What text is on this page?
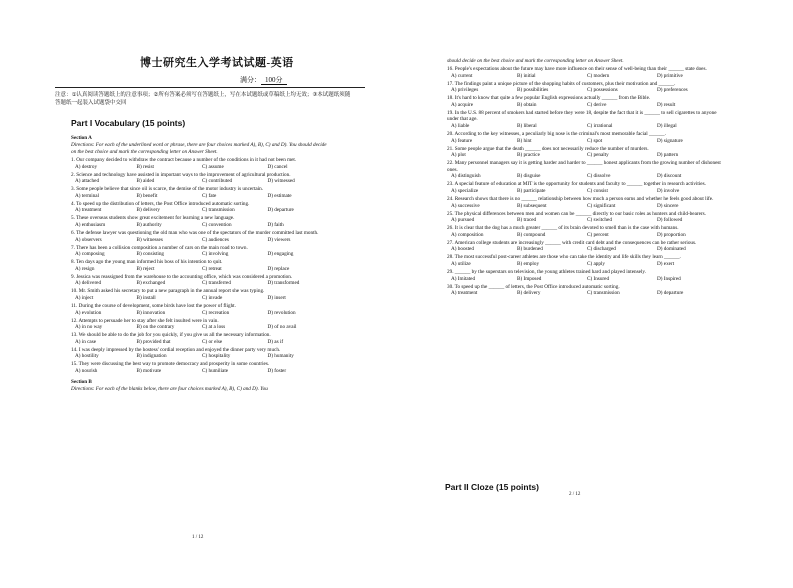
博士研究生入学考试试题-英语
满分： 100分
注意：①认真阅读答题纸上的注意事项；②所有答案必须写在答题纸上，写在本试题纸或草稿纸上均无效；③本试题纸须随答题纸一起装入试题袋中交回
Part I Vocabulary (15 points)
Section A
Directions: For each of the underlined word or phrase, there are four choices marked A), B), C) and D). You should decide on the best choice and mark the corresponding letter on Answer Sheet.
1. Our company decided to withdraw the contract because a number of the conditions in it had not been met.
A) destroy	B) resist	C) assume	D) cancel
2. Science and technology have assisted in important ways to the improvement of agricultural production.
A) attached	B) aided	C) contributed	D) witnessed
3. Some people believe that since oil is scarce, the demise of the motor industry is uncertain.
A) terminal	B) benefit	C) fate	D) estimate
4. To speed up the distribution of letters, the Post Office introduced automatic sorting.
A) treatment	B) delivery	C) transmission	D) departure
5. These overseas students show great excitement for learning a new language.
A) enthusiasm	B) authority	C) convention	D) faith
6. The defense lawyer was questioning the old man who was one of the spectators of the murder committed last month.
A) observers	B) witnesses	C) audiences	D) viewers
7. There has been a collision composition a number of cars on the main road to town.
A) composing	B) consisting	C) involving	D) engaging
8. Ten days ago the young man informed his boss of his intention to quit.
A) resign	B) reject	C) retreat	D) replace
9. Jessica was reassigned from the warehouse to the accounting office, which was considered a promotion.
A) delivered	B) exchanged	C) transferred	D) transformed
10. Mr. Smith asked his secretary to put a new paragraph in the annual report she was typing.
A) inject	B) install	C) invade	D) insert
11. During the course of development, some birds have lost the power of flight.
A) evolution	B) innovation	C) recreation	D) revolution
12. Attempts to persuade her to stay after she felt insulted were in vain.
A) in no way	B) on the contrary	C) at a loss	D) of no avail
13. We should be able to do the job for you quickly, if you give us all the necessary information.
A) in case	B) provided that	C) or else	D) as if
14. I was deeply impressed by the hostess' cordial reception and enjoyed the dinner party very much.
A) hostility	B) indignation	C) hospitality	D) humanity
15. They were discussing the best way to promote democracy and prosperity in some countries.
A) nourish	B) motivate	C) humiliate	D) foster
Section B
Directions: For each of the blanks below, there are four choices marked A), B), C) and D). You
1 / 12
should decide on the best choice and mark the corresponding letter on Answer Sheet.
16. People's expectations about the future may have more influence on their sense of well-being than their ______ state does.
A) current	B) initial	C) modern	D) primitive
17. The findings paint a unique picture of the shopping habits of customers, plus their motivation and ______.
A) privileges	B) possibilities	C) possessions	D) preferences
18. It's hard to know that quite a few popular English expressions actually ______ from the Bible.
A) acquire	B) obtain	C) derive	D) result
19. In the U.S. 88 percent of smokers had started before they were 18, despite the fact that it is ______ to sell cigarettes to anyone under that age.
A) liable	B) liberal	C) irrational	D) illegal
20. According to the key witnesses, a peculiarly big nose is the criminal's most memorable facial ______.
A) feature	B) hint	C) spot	D) signature
21. Some people argue that the death ______ does not necessarily reduce the number of murders.
A) plot	B) practice	C) penalty	D) pattern
22. Many personnel managers say it is getting harder and harder to ______ honest applicants from the growing number of dishonest ones.
A) distinguish	B) disguise	C) dissolve	D) discount
23. A special feature of education at MIT is the opportunity for students and faculty to ______ together in research activities.
A) specialize	B) participate	C) consist	D) involve
24. Research shows that there is no ______ relationship between how much a person earns and whether he feels good about life.
A) successive	B) subsequent	C) significant	D) sincere
25. The physical differences between men and women can be ______ directly to our basic roles as hunters and child-bearers.
A) pursued	B) traced	C) switched	D) followed
26. It is clear that the dog has a much greater ______ of its brain devoted to smell than is the case with humans.
A) composition	B) compound	C) percent	D) proportion
27. American college students are increasingly ______ with credit card debt and the consequences can be rather serious.
A) boosted	B) burdened	C) discharged	D) dominated
28. The most successful post-career athletes are those who can take the identity and life skills they learn ______.
A) utilize	B) employ	C) apply	D) exert
29. ______ by the superstars on television, the young athletes trained hard and played intensely.
A) Imitated	B) Imposed	C) Insured	D) Inspired
30. To speed up the ______ of letters, the Post Office introduced automatic sorting.
A) treatment	B) delivery	C) transmission	D) departure
Part II Cloze (15 points)
2 / 12
